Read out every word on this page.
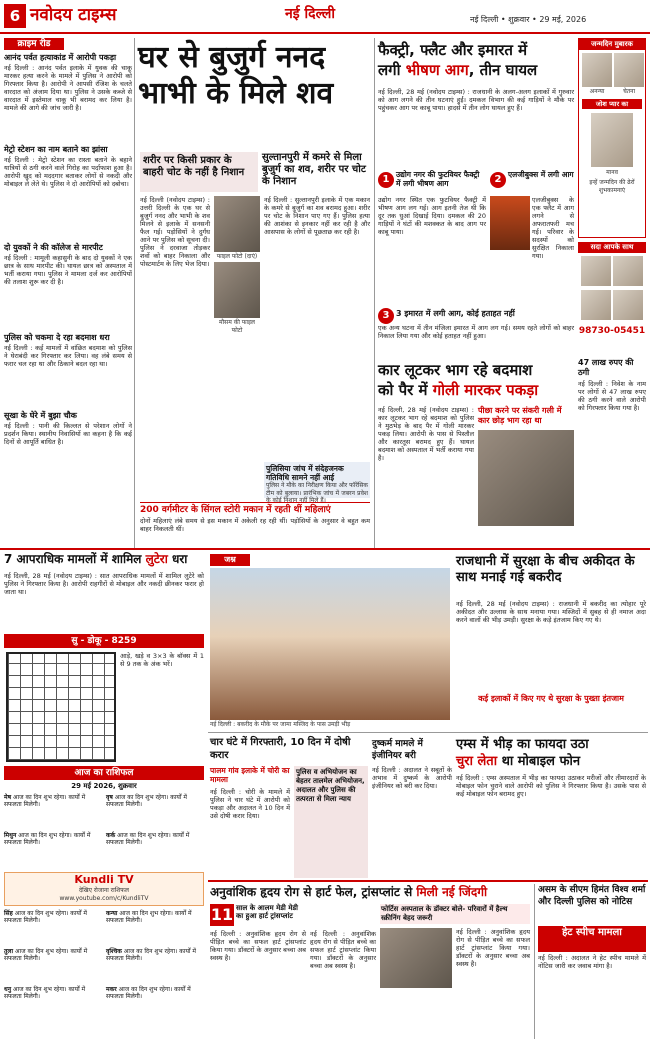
6 नवोदय टाइम्स	नई दिल्ली	नई दिल्ली • शुक्रवार • 29 मई, 2026
क्राइम रीड
आनंद पर्वत हत्याकांड में आरोपी पकड़ा
नई दिल्ली : आनंद पर्वत इलाके में युवक की चाकू मारकर हत्या करने के मामले में पुलिस ने आरोपी को गिरफ्तार किया है। आरोपी ने आपसी रंजिश के चलते वारदात को अंजाम दिया था। पुलिस ने उसके कब्जे से वारदात में इस्तेमाल चाकू भी बरामद कर लिया है। मामले की आगे की जांच जारी है।
मेट्रो स्टेशन का नाम बताने का झांसा
नई दिल्ली : मेट्रो स्टेशन का रास्ता बताने के बहाने यात्रियों से ठगी करने वाले गिरोह का पर्दाफाश हुआ है। आरोपी खुद को मददगार बताकर लोगों से नकदी और मोबाइल ले लेते थे। पुलिस ने दो आरोपियों को दबोचा।
दो युवकों ने की कॉलेज से मारपीट
नई दिल्ली : मामूली कहासुनी के बाद दो युवकों ने एक छात्र के साथ मारपीट की। घायल छात्र को अस्पताल में भर्ती कराया गया। पुलिस ने मामला दर्ज कर आरोपियों की तलाश शुरू कर दी है।
पुलिस को चकमा दे रहा बदमाश धरा
नई दिल्ली : कई मामलों में वांछित बदमाश को पुलिस ने घेराबंदी कर गिरफ्तार कर लिया। वह लंबे समय से फरार चल रहा था और ठिकाने बदल रहा था।
सूखा के घेरे में बुझा चौक
नई दिल्ली : पानी की किल्लत से परेशान लोगों ने प्रदर्शन किया। स्थानीय निवासियों का कहना है कि कई दिनों से आपूर्ति बाधित है।
घर से बुजुर्ग ननद भाभी के मिले शव
शरीर पर किसी प्रकार के बाहरी चोट के नहीं है निशान
सुल्तानपुरी में कमरे से मिला बुजुर्ग का शव, शरीर पर चोट के निशान
नई दिल्ली (नवोदय टाइम्स) : उत्तरी दिल्ली के एक घर से बुजुर्ग ननद और भाभी के शव मिलने से इलाके में सनसनी फैल गई। पड़ोसियों ने दुर्गंध आने पर पुलिस को सूचना दी। पुलिस ने दरवाजा तोड़कर शवों को बाहर निकाला और पोस्टमार्टम के लिए भेज दिया।
फाइल फोटो (दाएं)
मौसम की फाइल फोटो
नई दिल्ली : सुल्तानपुरी इलाके में एक मकान के कमरे से बुजुर्ग का शव बरामद हुआ। शरीर पर चोट के निशान पाए गए हैं। पुलिस हत्या की आशंका से इनकार नहीं कर रही है और आसपास के लोगों से पूछताछ कर रही है।
पुलिसिया जांच में संदेहजनक गतिविधि सामने नहीं आई
पुलिस ने मौके का निरीक्षण किया और फॉरेंसिक टीम को बुलाया। प्रारंभिक जांच में जबरन प्रवेश के कोई निशान नहीं मिले हैं।
200 वर्गमीटर के सिंगल स्टोरी मकान में रहती थीं महिलाएं
दोनों महिलाएं लंबे समय से इस मकान में अकेली रह रही थीं। पड़ोसियों के अनुसार वे बहुत कम बाहर निकलती थीं।
फैक्ट्री, फ्लैट और इमारत में
लगी भीषण आग, तीन घायल
नई दिल्ली, 28 मई (नवोदय टाइम्स) : राजधानी के अलग-अलग इलाकों में गुरुवार को आग लगने की तीन घटनाएं हुईं। दमकल विभाग की कई गाड़ियों ने मौके पर पहुंचकर आग पर काबू पाया। हादसे में तीन लोग घायल हुए हैं।
1 उद्योग नगर की फुटवियर फैक्ट्री में लगी भीषण आग
उद्योग नगर स्थित एक फुटवियर फैक्ट्री में भीषण आग लग गई। आग इतनी तेज थी कि दूर तक धुआं दिखाई दिया। दमकल की 20 गाड़ियों ने घंटों की मशक्कत के बाद आग पर काबू पाया।
2 एलजीबुक्स में लगी आग
एलजीबुक्स के एक फ्लैट में आग लगने से अफरातफरी मच गई। परिवार के सदस्यों को सुरक्षित निकाला गया।
3 3 इमारत में लगी आग, कोई हताहत नहीं
एक अन्य घटना में तीन मंजिला इमारत में आग लग गई। समय रहते लोगों को बाहर निकाल लिया गया और कोई हताहत नहीं हुआ।
जन्मदिन मुबारक
अनन्या	चेतना
जोश प्यार का
मानव
इन्हें जन्मदिन की ढेरों शुभकामनाएं
सदा आपके साथ
98730-05451
47 लाख रुपए की ठगी
नई दिल्ली : निवेश के नाम पर लोगों से 47 लाख रुपए की ठगी करने वाले आरोपी को गिरफ्तार किया गया है।
कार लूटकर भाग रहे बदमाश
को पैर में गोली मारकर पकड़ा
नई दिल्ली, 28 मई (नवोदय टाइम्स) : कार लूटकर भाग रहे बदमाश को पुलिस ने मुठभेड़ के बाद पैर में गोली मारकर पकड़ लिया। आरोपी के पास से पिस्तौल और कारतूस बरामद हुए हैं। घायल बदमाश को अस्पताल में भर्ती कराया गया है।
पीछा करने पर संकरी गली में कार छोड़ भाग रहा था
7 आपराधिक मामलों में शामिल लुटेरा धरा
नई दिल्ली, 28 मई (नवोदय टाइम्स) : सात आपराधिक मामलों में शामिल लुटेरे को पुलिस ने गिरफ्तार किया है। आरोपी राहगीरों से मोबाइल और नकदी छीनकर फरार हो जाता था।
सु - डोकू - 8259
आड़े, खड़े व 3×3 के बॉक्स में 1 से 9 तक के अंक भरें।
आज का राशिफल
29 मई 2026, शुक्रवार
मेष आज का दिन शुभ रहेगा। कार्यों में सफलता मिलेगी।
वृष आज का दिन शुभ रहेगा। कार्यों में सफलता मिलेगी।
मिथुन आज का दिन शुभ रहेगा। कार्यों में सफलता मिलेगी।
कर्क आज का दिन शुभ रहेगा। कार्यों में सफलता मिलेगी।
Kundli TV
देखिए रोजाना राशिफल
www.youtube.com/c/KundliTV
सिंह आज का दिन शुभ रहेगा। कार्यों में सफलता मिलेगी।
कन्या आज का दिन शुभ रहेगा। कार्यों में सफलता मिलेगी।
तुला आज का दिन शुभ रहेगा। कार्यों में सफलता मिलेगी।
वृश्चिक आज का दिन शुभ रहेगा। कार्यों में सफलता मिलेगी।
धनु आज का दिन शुभ रहेगा। कार्यों में सफलता मिलेगी।
मकर आज का दिन शुभ रहेगा। कार्यों में सफलता मिलेगी।
जश्न
नई दिल्ली : बकरीद के मौके पर जामा मस्जिद के पास उमड़ी भीड़
राजधानी में सुरक्षा के बीच अकीदत के साथ मनाई गई बकरीद
नई दिल्ली, 28 मई (नवोदय टाइम्स) : राजधानी में बकरीद का त्योहार पूरे अकीदत और उल्लास के साथ मनाया गया। मस्जिदों में सुबह से ही नमाज अदा करने वालों की भीड़ उमड़ी। सुरक्षा के कड़े इंतजाम किए गए थे।
कई इलाकों में किए गए थे सुरक्षा के पुख्ता इंतजाम
चार घंटे में गिरफ्तारी, 10 दिन में दोषी करार
पालम गांव इलाके में चोरी का मामला
नई दिल्ली : चोरी के मामले में पुलिस ने चार घंटे में आरोपी को पकड़ा और अदालत ने 10 दिन में उसे दोषी करार दिया।
पुलिस व अभियोजन का बेहतर तालमेल अभियोजन, अदालत और पुलिस की तत्परता से मिला न्याय
दुष्कर्म मामले में इंजीनियर बरी
नई दिल्ली : अदालत ने सबूतों के अभाव में दुष्कर्म के आरोपी इंजीनियर को बरी कर दिया।
एम्स में भीड़ का फायदा उठा
चुरा लेता था मोबाइल फोन
नई दिल्ली : एम्स अस्पताल में भीड़ का फायदा उठाकर मरीजों और तीमारदारों के मोबाइल फोन चुराने वाले आरोपी को पुलिस ने गिरफ्तार किया है। उसके पास से कई मोबाइल फोन बरामद हुए।
अनुवांशिक हृदय रोग से हार्ट फेल, ट्रांसप्लांट से मिली नई जिंदगी
11 साल के आलम मेडी मेडी का हुआ हार्ट ट्रांसप्लांट
नई दिल्ली : अनुवांशिक हृदय रोग से पीड़ित बच्चे का सफल हार्ट ट्रांसप्लांट किया गया। डॉक्टरों के अनुसार बच्चा अब स्वस्थ है।
फोर्टिस अस्पताल के डॉक्टर बोले- परिवारों में हैल्थ स्क्रीनिंग बेहद जरूरी
नई दिल्ली : अनुवांशिक हृदय रोग से पीड़ित बच्चे का सफल हार्ट ट्रांसप्लांट किया गया। डॉक्टरों के अनुसार बच्चा अब स्वस्थ है।
नई दिल्ली : अनुवांशिक हृदय रोग से पीड़ित बच्चे का सफल हार्ट ट्रांसप्लांट किया गया। डॉक्टरों के अनुसार बच्चा अब स्वस्थ है।
असम के सीएम हिमंत विश्व शर्मा और दिल्ली पुलिस को नोटिस
हेट स्पीच मामला
नई दिल्ली : अदालत ने हेट स्पीच मामले में नोटिस जारी कर जवाब मांगा है।
